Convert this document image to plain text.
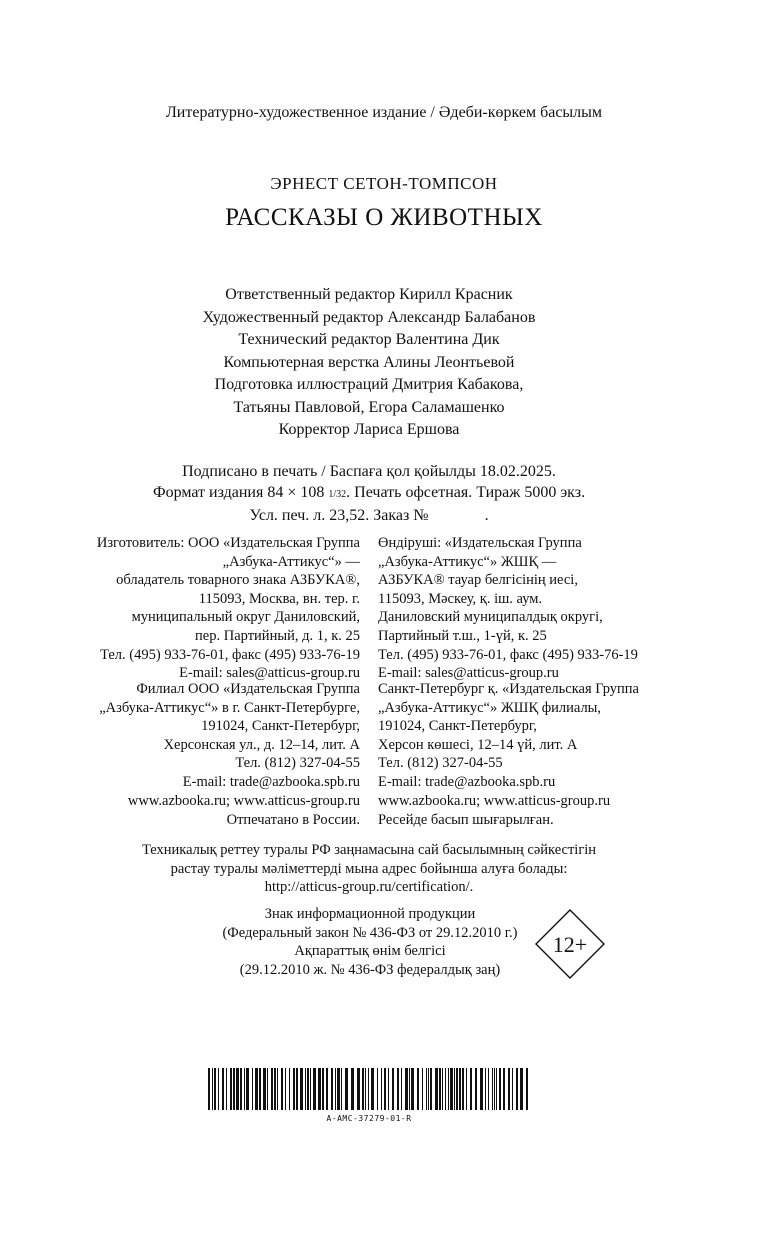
Литературно-художественное издание / Әдеби-көркем басылым
ЭРНЕСТ СЕТОН-ТОМПСОН
РАССКАЗЫ О ЖИВОТНЫХ
Ответственный редактор Кирилл Красник
Художественный редактор Александр Балабанов
Технический редактор Валентина Дик
Компьютерная верстка Алины Леонтьевой
Подготовка иллюстраций Дмитрия Кабакова,
Татьяны Павловой, Егора Саламашенко
Корректор Лариса Ершова
Подписано в печать / Баспаға қол қойылды 18.02.2025.
Формат издания 84 × 108 1/32. Печать офсетная. Тираж 5000 экз.
Усл. печ. л. 23,52. Заказ №              .
Изготовитель: ООО «Издательская Группа
„Азбука-Аттикус“» —
обладатель товарного знака АЗБУКА®,
115093, Москва, вн. тер. г.
муниципальный округ Даниловский,
пер. Партийный, д. 1, к. 25
Тел. (495) 933-76-01, факс (495) 933-76-19
E-mail: sales@atticus-group.ru
Өндіруші: «Издательская Группа
„Азбука-Аттикус“» ЖШҚ —
АЗБУКА® тауар белгісінің иесі,
115093, Мәскеу, қ. іш. аум.
Даниловский муниципалдық округі,
Партийный т.ш., 1-үй, к. 25
Тел. (495) 933-76-01, факс (495) 933-76-19
E-mail: sales@atticus-group.ru
Филиал ООО «Издательская Группа
„Азбука-Аттикус“» в г. Санкт-Петербурге,
191024, Санкт-Петербург,
Херсонская ул., д. 12–14, лит. А
Тел. (812) 327-04-55
E-mail: trade@azbooka.spb.ru
Санкт-Петербург қ. «Издательская Группа
„Азбука-Аттикус“» ЖШҚ филиалы,
191024, Санкт-Петербург,
Херсон көшесі, 12–14 үй, лит. А
Тел. (812) 327-04-55
E-mail: trade@azbooka.spb.ru
www.azbooka.ru; www.atticus-group.ru
Отпечатано в России.
www.azbooka.ru; www.atticus-group.ru
Ресейде басып шығарылған.
Техникалық реттеу туралы РФ заңнамасына сай басылымның сәйкестігін
растау туралы мәліметтерді мына адрес бойынша алуға болады:
http://atticus-group.ru/certification/.
Знак информационной продукции
(Федеральный закон № 436-ФЗ от 29.12.2010 г.)
Ақпараттық өнім белгісі
(29.12.2010 ж. № 436-ФЗ федералдық заң)
12+
A-AMC-37279-01-R
